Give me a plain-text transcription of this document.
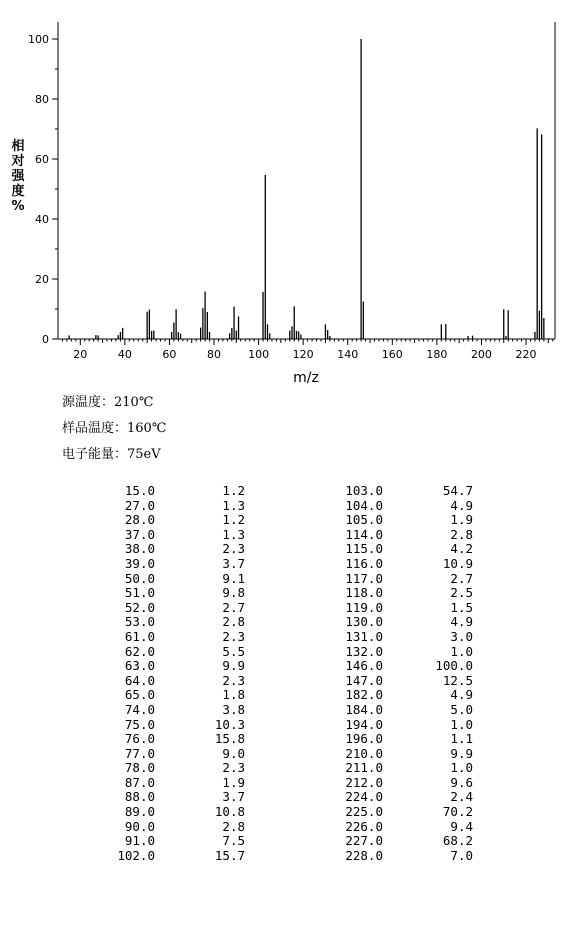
0
20
40
60
80
100
20	40	60	80 100 120 140 160 180 200 220
相对强度%
m/z
源温度：210℃
样品温度：160℃
电子能量：75eV
15.0	1.2	103.0	54.7
27.0	1.3	104.0	4.9
28.0	1.2	105.0	1.9
37.0	1.3	114.0	2.8
38.0	2.3	115.0	4.2
39.0	3.7	116.0	10.9
50.0	9.1	117.0	2.7
51.0	9.8	118.0	2.5
52.0	2.7	119.0	1.5
53.0	2.8	130.0	4.9
61.0	2.3	131.0	3.0
62.0	5.5	132.0	1.0
63.0	9.9	146.0	100.0
64.0	2.3	147.0	12.5
65.0	1.8	182.0	4.9
74.0	3.8	184.0	5.0
75.0	10.3	194.0	1.0
76.0	15.8	196.0	1.1
77.0	9.0	210.0	9.9
78.0	2.3	211.0	1.0
87.0	1.9	212.0	9.6
88.0	3.7	224.0	2.4
89.0	10.8	225.0	70.2
90.0	2.8	226.0	9.4
91.0	7.5	227.0	68.2
102.0	15.7	228.0	7.0
